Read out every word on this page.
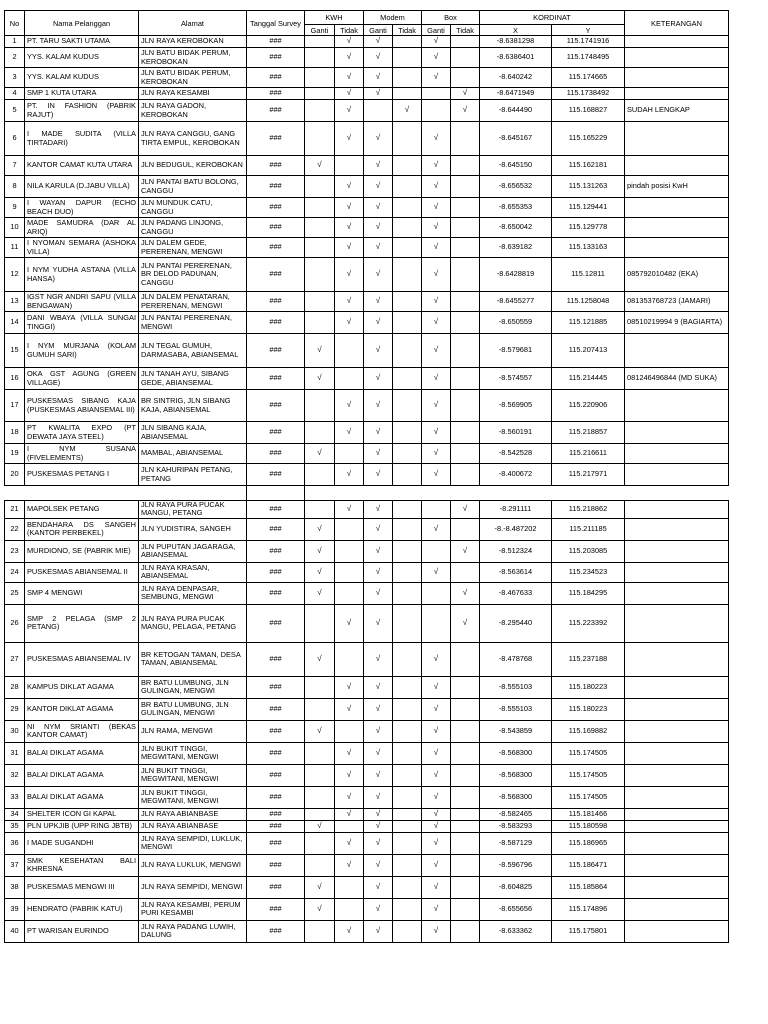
No	Nama Pelanggan	Alamat	Tanggal Survey	KWH		Modem		Box		KORDINAT		KETERANGAN
				Ganti	Tidak	Ganti	Tidak	Ganti	Tidak	X	Y	
1	PT. TARU SAKTI UTAMA	JLN RAYA KEROBOKAN	###		√	√		√		-8.6381298	115.1741916	
2	YYS. KALAM KUDUS	JLN BATU BIDAK PERUM, KEROBOKAN	###		√	√		√		-8.6386401	115.1748495	
3	YYS. KALAM KUDUS	JLN BATU BIDAK PERUM, KEROBOKAN	###		√	√		√		-8.640242	115.174665	
4	SMP 1 KUTA UTARA	JLN RAYA KESAMBI	###		√	√			√	-8.6471949	115.1738492	
5	PT. IN FASHION (PABRIK RAJUT)	JLN RAYA GADON, KEROBOKAN	###		√		√		√	-8.644490	115.168827	SUDAH LENGKAP
6	I MADE SUDITA (VILLA TIRTADARI)	JLN RAYA CANGGU, GANG TIRTA EMPUL, KEROBOKAN	###		√	√		√		-8.645167	115.165229	
7	KANTOR CAMAT KUTA UTARA	JLN BEDUGUL, KEROBOKAN	###	√		√		√		-8.645150	115.162181	
8	NILA KARULA (D.JABU VILLA)	JLN PANTAI BATU BOLONG, CANGGU	###		√	√		√		-8.656532	115.131263	pindah posisi KwH
9	I WAYAN DAPUR (ECHO BEACH DUO)	JLN MUNDUK CATU, CANGGU	###		√	√		√		-8.655353	115.129441	
10	MADE SAMUDRA (DAR AL ARIQ)	JLN PADANG LINJONG, CANGGU	###		√	√		√		-8.650042	115.129778	
11	I NYOMAN SEMARA (ASHOKA VILLA)	JLN DALEM GEDE, PERERENAN, MENGWI	###		√	√		√		-8.639182	115.133163	
12	I NYM YUDHA ASTANA (VILLA HANSA)	JLN PANTAI PERERENAN, BR DELOD PADUNAN, CANGGU	###		√	√		√		-8.6428819	115.12811	085792010482 (EKA)
13	IGST NGR ANDRI SAPU (VILLA BENGAWAN)	JLN DALEM PENATARAN, PERERENAN, MENGWI	###		√	√		√		-8.6455277	115.1258048	081353768723 (JAMARI)
14	DANI WBAYA (VILLA SUNGAI TINGGI)	JLN PANTAI PERERENAN, MENGWI	###		√	√		√		-8.650559	115.121885	08510219994 9 (BAGIARTA)
15	I NYM MURJANA (KOLAM GUMUH SARI)	JLN TEGAL GUMUH, DARMASABA, ABIANSEMAL	###	√		√		√		-8.579681	115.207413	
16	OKA GST AGUNG (GREEN VILLAGE)	JLN TANAH AYU, SIBANG GEDE, ABIANSEMAL	###	√		√		√		-8.574557	115.214445	081246496844 (MD SUKA)
17	PUSKESMAS SIBANG KAJA (PUSKESMAS ABIANSEMAL III)	BR SINTRIG, JLN SIBANG KAJA, ABIANSEMAL	###		√	√		√		-8.569905	115.220906	
18	PT KWALITA EXPO (PT DEWATA JAYA STEEL)	JLN SIBANG KAJA, ABIANSEMAL	###		√	√		√		-8.560191	115.218857	
19	I NYM SUSANA (FIVELEMENTS)	MAMBAL, ABIANSEMAL	###	√		√		√		-8.542528	115.216611	
20	PUSKESMAS PETANG I	JLN KAHURIPAN PETANG, PETANG	###		√	√		√		-8.400672	115.217971	

21	MAPOLSEK PETANG	JLN RAYA PURA PUCAK MANGU, PETANG	###		√	√			√	-8.291111	115.218862	
22	BENDAHARA DS SANGEH (KANTOR PERBEKEL)	JLN YUDISTIRA, SANGEH	###	√		√		√		-8.-8.487202	115.211185	
23	MURDIONO, SE (PABRIK MIE)	JLN PUPUTAN JAGARAGA, ABIANSEMAL	###	√		√			√	-8.512324	115.203085	
24	PUSKESMAS ABIANSEMAL II	JLN RAYA KRASAN, ABIANSEMAL	###	√		√		√		-8.563614	115.234523	
25	SMP 4 MENGWI	JLN RAYA DENPASAR, SEMBUNG, MENGWI	###	√		√			√	-8.467633	115.184295	
26	SMP 2 PELAGA (SMP 2 PETANG)	JLN RAYA PURA PUCAK MANGU, PELAGA, PETANG	###		√	√			√	-8.295440	115.223392	
27	PUSKESMAS ABIANSEMAL IV	BR KETOGAN TAMAN, DESA TAMAN, ABIANSEMAL	###	√		√		√		-8.478768	115.237188	
28	KAMPUS DIKLAT AGAMA	BR BATU LUMBUNG, JLN GULINGAN, MENGWI	###		√	√		√		-8.555103	115.180223	
29	KANTOR DIKLAT AGAMA	BR BATU LUMBUNG, JLN GULINGAN, MENGWI	###		√	√		√		-8.555103	115.180223	
30	NI NYM SRIANTI (BEKAS KANTOR CAMAT)	JLN RAMA, MENGWI	###	√		√		√		-8.543859	115.169882	
31	BALAI DIKLAT AGAMA	JLN BUKIT TINGGI, MEGWITANI, MENGWI	###		√	√		√		-8.568300	115.174505	
32	BALAI DIKLAT AGAMA	JLN BUKIT TINGGI, MEGWITANI, MENGWI	###		√	√		√		-8.568300	115.174505	
33	BALAI DIKLAT AGAMA	JLN BUKIT TINGGI, MEGWITANI, MENGWI	###		√	√		√		-8.568300	115.174505	
34	SHELTER ICON GI KAPAL	JLN RAYA ABIANBASE	###		√	√		√		-8.582465	115.181466	
35	PLN UPKJIB (UPP RING JBTB)	JLN RAYA ABIANBASE	###	√		√		√		-8.583293	115.180598	
36	I MADE SUGANDHI	JLN RAYA SEMPIDI, LUKLUK, MENGWI	###		√	√		√		-8.587129	115.186965	
37	SMK KESEHATAN BALI KHRESNA	JLN RAYA LUKLUK, MENGWI	###		√	√		√		-8.596796	115.186471	
38	PUSKESMAS MENGWI III	JLN RAYA SEMPIDI, MENGWI	###	√		√		√		-8.604825	115.185864	
39	HENDRATO (PABRIK KATU)	JLN RAYA KESAMBI, PERUM PURI KESAMBI	###	√		√		√		-8.655656	115.174896	
40	PT WARISAN EURINDO	JLN RAYA PADANG LUWIH, DALUNG	###		√	√		√		-8.633362	115.175801	
